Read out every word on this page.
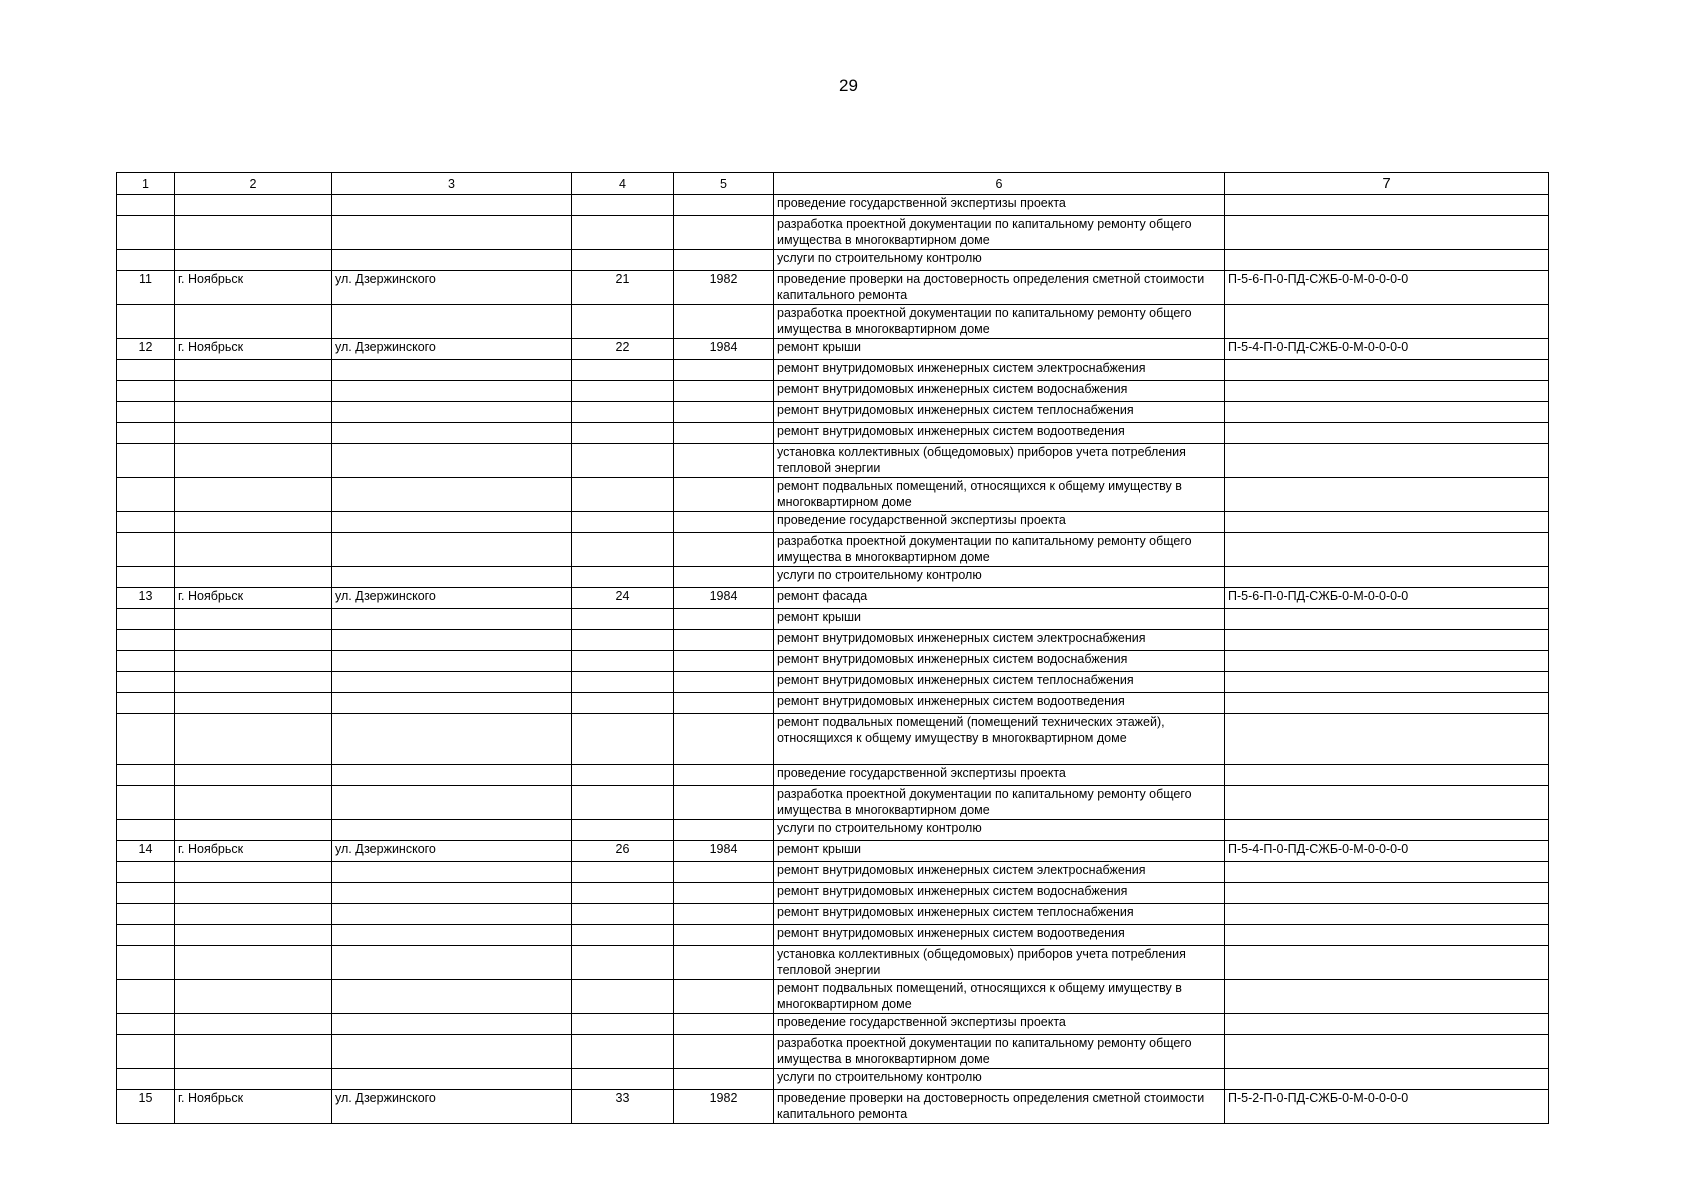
29
1	2	3	4	5	6	7
					проведение государственной экспертизы проекта	
					разработка проектной документации по капитальному ремонту общего имущества в многоквартирном доме	
					услуги по строительному контролю	
11	г. Ноябрьск	ул. Дзержинского	21	1982	проведение проверки на достоверность определения сметной стоимости капитального ремонта	П-5-6-П-0-ПД-СЖБ-0-М-0-0-0-0
					разработка проектной документации по капитальному ремонту общего имущества в многоквартирном доме	
12	г. Ноябрьск	ул. Дзержинского	22	1984	ремонт крыши	П-5-4-П-0-ПД-СЖБ-0-М-0-0-0-0
					ремонт внутридомовых инженерных систем электроснабжения	
					ремонт внутридомовых инженерных систем водоснабжения	
					ремонт внутридомовых инженерных систем теплоснабжения	
					ремонт внутридомовых инженерных систем водоотведения	
					установка коллективных (общедомовых) приборов учета потребления тепловой энергии	
					ремонт подвальных помещений, относящихся к общему имуществу в многоквартирном доме	
					проведение государственной экспертизы проекта	
					разработка проектной документации по капитальному ремонту общего имущества в многоквартирном доме	
					услуги по строительному контролю	
13	г. Ноябрьск	ул. Дзержинского	24	1984	ремонт фасада	П-5-6-П-0-ПД-СЖБ-0-М-0-0-0-0
					ремонт крыши	
					ремонт внутридомовых инженерных систем электроснабжения	
					ремонт внутридомовых инженерных систем водоснабжения	
					ремонт внутридомовых инженерных систем теплоснабжения	
					ремонт внутридомовых инженерных систем водоотведения	
					ремонт подвальных помещений (помещений технических этажей), относящихся к общему имуществу в многоквартирном доме	
					проведение государственной экспертизы проекта	
					разработка проектной документации по капитальному ремонту общего имущества в многоквартирном доме	
					услуги по строительному контролю	
14	г. Ноябрьск	ул. Дзержинского	26	1984	ремонт крыши	П-5-4-П-0-ПД-СЖБ-0-М-0-0-0-0
					ремонт внутридомовых инженерных систем электроснабжения	
					ремонт внутридомовых инженерных систем водоснабжения	
					ремонт внутридомовых инженерных систем теплоснабжения	
					ремонт внутридомовых инженерных систем водоотведения	
					установка коллективных (общедомовых) приборов учета потребления тепловой энергии	
					ремонт подвальных помещений, относящихся к общему имуществу в многоквартирном доме	
					проведение государственной экспертизы проекта	
					разработка проектной документации по капитальному ремонту общего имущества в многоквартирном доме	
					услуги по строительному контролю	
15	г. Ноябрьск	ул. Дзержинского	33	1982	проведение проверки на достоверность определения сметной стоимости капитального ремонта	П-5-2-П-0-ПД-СЖБ-0-М-0-0-0-0
